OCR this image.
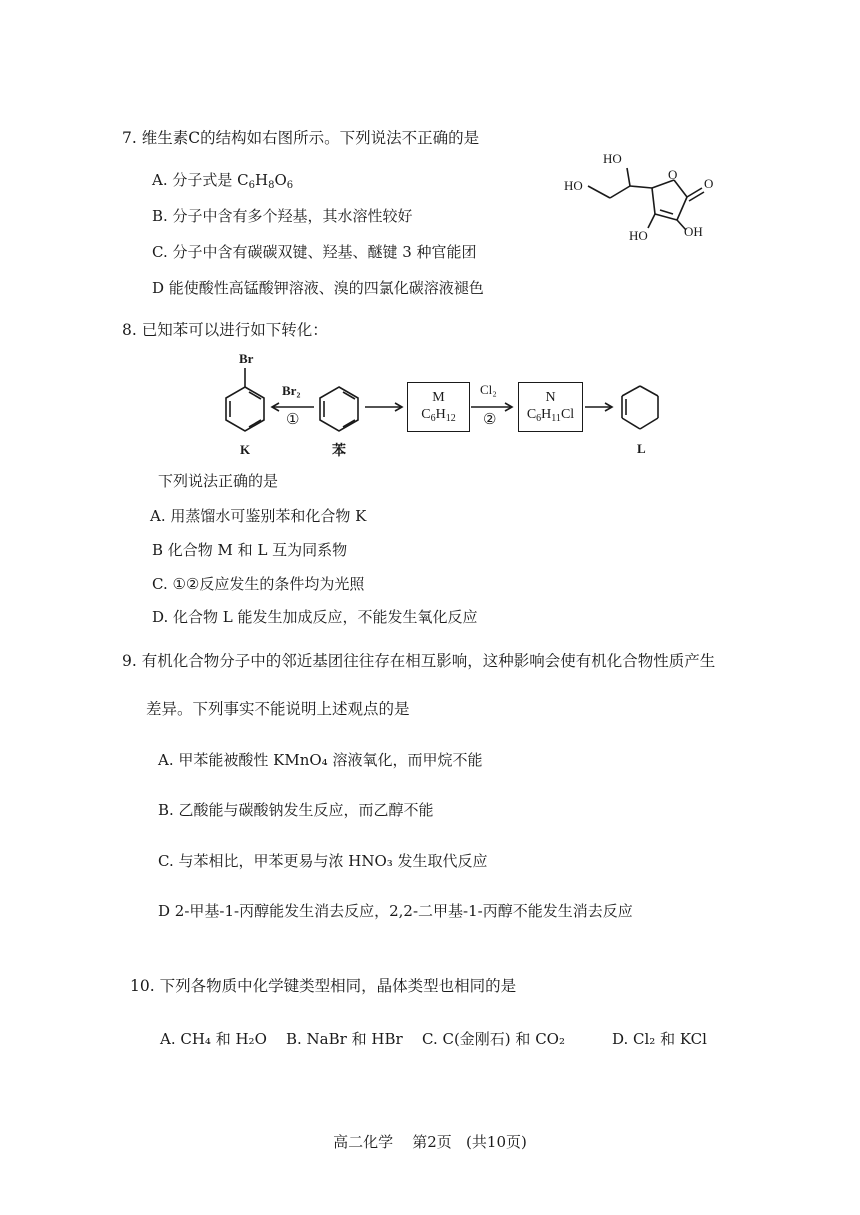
7. 维生素C的结构如右图所示。下列说法不正确的是
A. 分子式是 $C_6H_8O_6$
B. 分子中含有多个羟基，其水溶性较好
C. 分子中含有碳碳双键、羟基、醚键 3 种官能团
D 能使酸性高锰酸钾溶液、溴的四氯化碳溶液褪色
HO
HO
O
O
HO	OH
8. 已知苯可以进行如下转化：
Br
Br₂
①
K	苯
M
$C_6H_{12}$
Cl₂
②
N
$C_6H_{11}Cl$
L
下列说法正确的是
A. 用蒸馏水可鉴别苯和化合物 K
B 化合物 M 和 L 互为同系物
C. ①②反应发生的条件均为光照
D. 化合物 L 能发生加成反应，不能发生氧化反应
9. 有机化合物分子中的邻近基团往往存在相互影响，这种影响会使有机化合物性质产生
差异。下列事实不能说明上述观点的是
A. 甲苯能被酸性 KMnO₄ 溶液氧化，而甲烷不能
B. 乙酸能与碳酸钠发生反应，而乙醇不能
C. 与苯相比，甲苯更易与浓 HNO₃ 发生取代反应
D 2-甲基-1-丙醇能发生消去反应，2,2-二甲基-1-丙醇不能发生消去反应
10. 下列各物质中化学键类型相同，晶体类型也相同的是
A. CH₄ 和 H₂O B. NaBr 和 HBr C. C(金刚石) 和 CO₂	D. Cl₂ 和 KCl
高二化学    第2页   (共10页)
